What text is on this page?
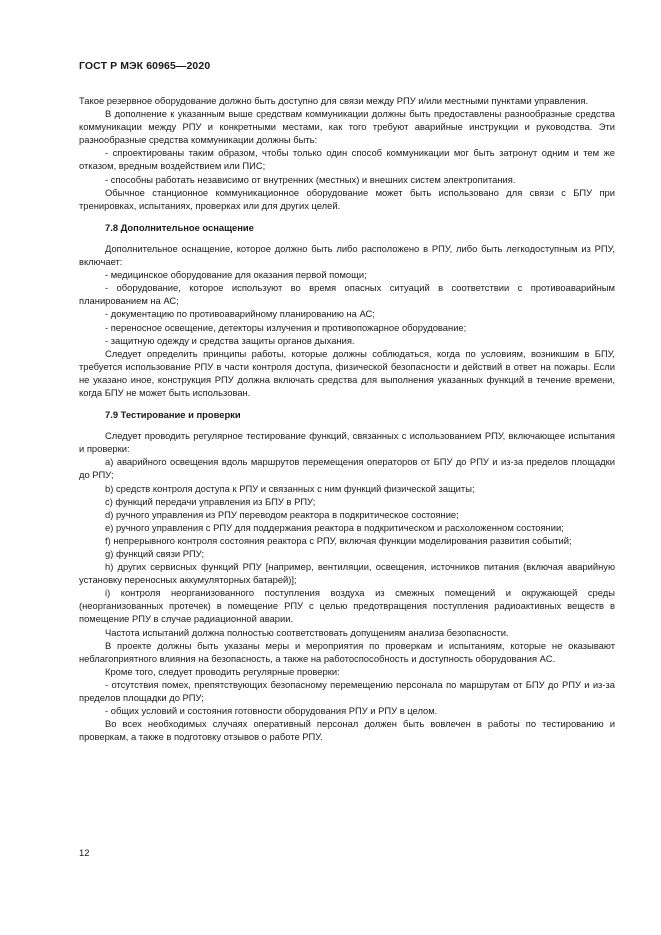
ГОСТ Р МЭК 60965—2020

Такое резервное оборудование должно быть доступно для связи между РПУ и/или местными пунктами управления.

В дополнение к указанным выше средствам коммуникации должны быть предоставлены разнообразные средства коммуникации между РПУ и конкретными местами, как того требуют аварийные инструкции и руководства. Эти разнообразные средства коммуникации должны быть:

- спроектированы таким образом, чтобы только один способ коммуникации мог быть затронут одним и тем же отказом, вредным воздействием или ПИС;

- способны работать независимо от внутренних (местных) и внешних систем электропитания.

Обычное станционное коммуникационное оборудование может быть использовано для связи с БПУ при тренировках, испытаниях, проверках или для других целей.

7.8 Дополнительное оснащение

Дополнительное оснащение, которое должно быть либо расположено в РПУ, либо быть легкодоступным из РПУ, включает:

- медицинское оборудование для оказания первой помощи;

- оборудование, которое используют во время опасных ситуаций в соответствии с противоаварийным планированием на АС;

- документацию по противоаварийному планированию на АС;

- переносное освещение, детекторы излучения и противопожарное оборудование;

- защитную одежду и средства защиты органов дыхания.

Следует определить принципы работы, которые должны соблюдаться, когда по условиям, возникшим в БПУ, требуется использование РПУ в части контроля доступа, физической безопасности и действий в ответ на пожары. Если не указано иное, конструкция РПУ должна включать средства для выполнения указанных функций в течение времени, когда БПУ не может быть использован.

7.9 Тестирование и проверки

Следует проводить регулярное тестирование функций, связанных с использованием РПУ, включающее испытания и проверки:

a) аварийного освещения вдоль маршрутов перемещения операторов от БПУ до РПУ и из-за пределов площадки до РПУ;

b) средств контроля доступа к РПУ и связанных с ним функций физической защиты;

c) функций передачи управления из БПУ в РПУ;

d) ручного управления из РПУ переводом реактора в подкритическое состояние;

e) ручного управления с РПУ для поддержания реактора в подкритическом и расхоложенном состоянии;

f) непрерывного контроля состояния реактора с РПУ, включая функции моделирования развития событий;

g) функций связи РПУ;

h) других сервисных функций РПУ [например, вентиляции, освещения, источников питания (включая аварийную установку переносных аккумуляторных батарей)];

i) контроля неорганизованного поступления воздуха из смежных помещений и окружающей среды (неорганизованных протечек) в помещение РПУ с целью предотвращения поступления радиоактивных веществ в помещение РПУ в случае радиационной аварии.

Частота испытаний должна полностью соответствовать допущениям анализа безопасности.

В проекте должны быть указаны меры и мероприятия по проверкам и испытаниям, которые не оказывают неблагоприятного влияния на безопасность, а также на работоспособность и доступность оборудования АС.

Кроме того, следует проводить регулярные проверки:

- отсутствия помех, препятствующих безопасному перемещению персонала по маршрутам от БПУ до РПУ и из-за пределов площадки до РПУ;

- общих условий и состояния готовности оборудования РПУ и РПУ в целом.

Во всех необходимых случаях оперативный персонал должен быть вовлечен в работы по тестированию и проверкам, а также в подготовку отзывов о работе РПУ.

12
